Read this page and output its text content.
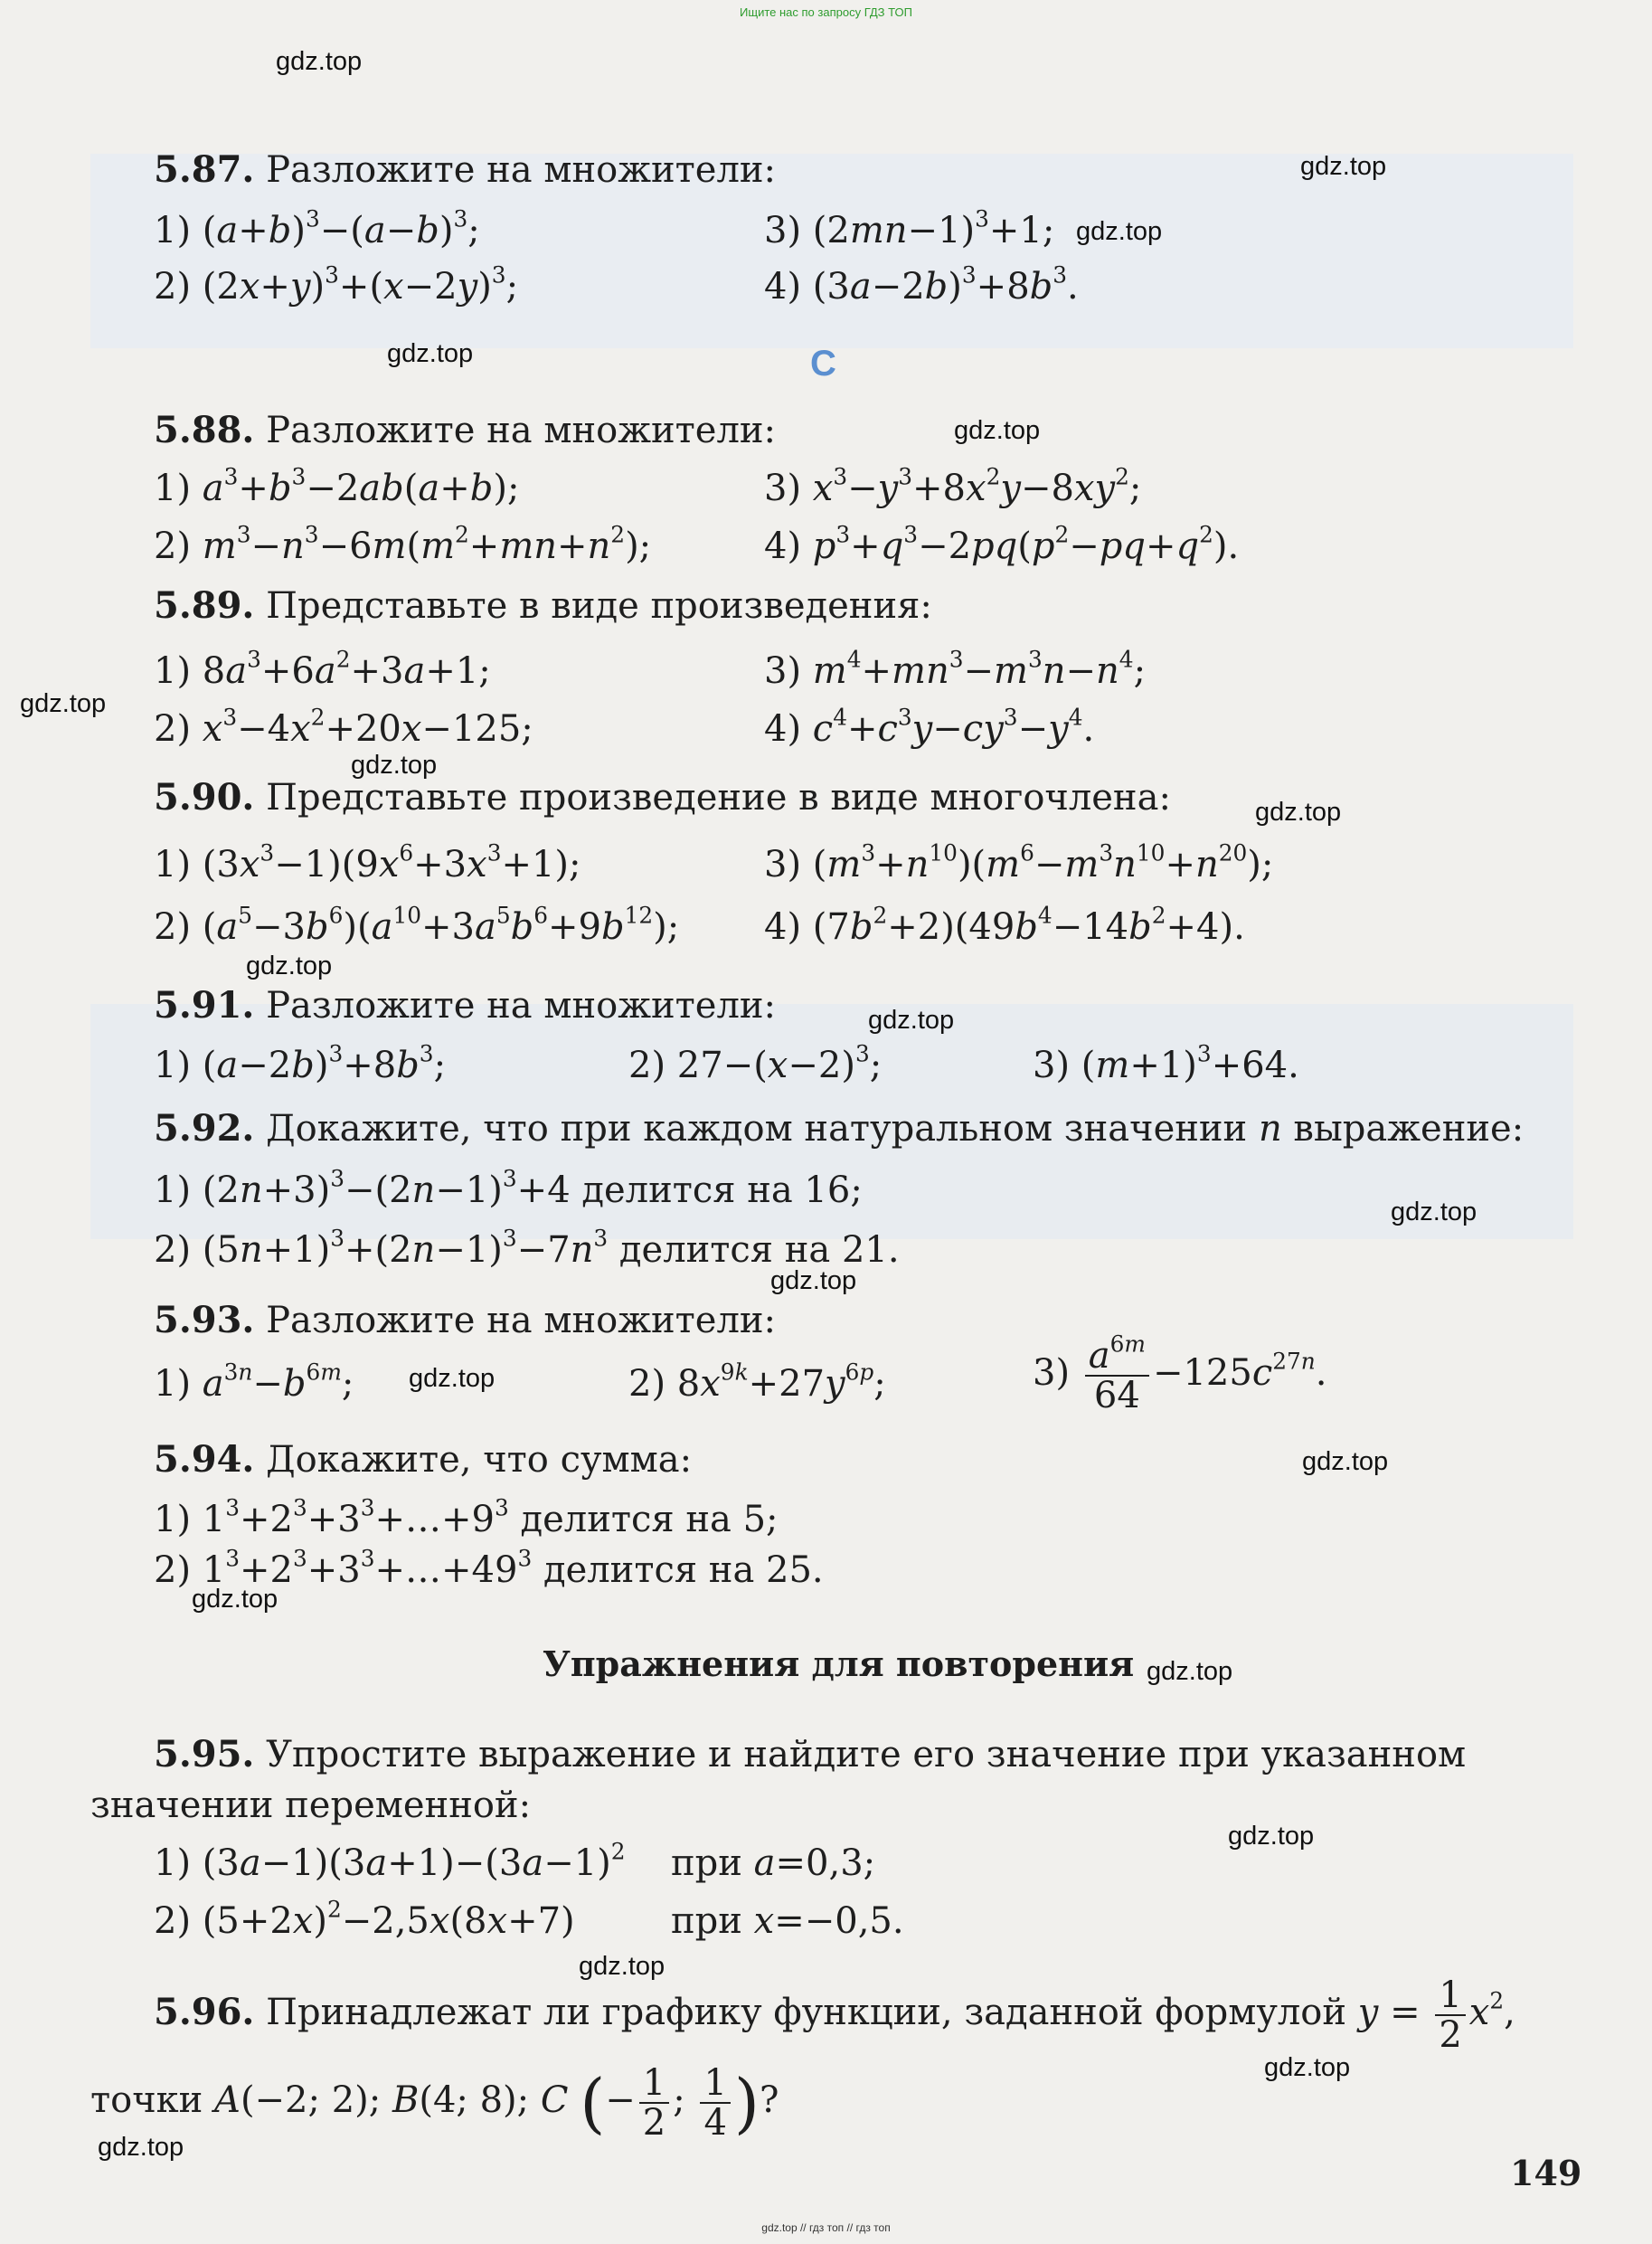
Ищите нас по запросу ГДЗ ТОП
gdz.top
gdz.top
gdz.top
gdz.top
gdz.top
gdz.top
gdz.top
gdz.top
gdz.top
gdz.top
gdz.top
gdz.top
gdz.top
gdz.top
gdz.top
gdz.top
gdz.top
gdz.top
gdz.top
gdz.top
C
5.87. Разложите на множители:
1) $(a+b)^3-(a-b)^3$;	3) $(2mn-1)^3+1$;
2) $(2x+y)^3+(x-2y)^3$;	4) $(3a-2b)^3+8b^3$.
5.88. Разложите на множители:
1) $a^3+b^3-2ab(a+b)$;	3) $x^3-y^3+8x^2y-8xy^2$;
2) $m^3-n^3-6m(m^2+mn+n^2)$;	4) $p^3+q^3-2pq(p^2-pq+q^2)$.
5.89. Представьте в виде произведения:
1) $8a^3+6a^2+3a+1$;	3) $m^4+mn^3-m^3n-n^4$;
2) $x^3-4x^2+20x-125$;	4) $c^4+c^3y-cy^3-y^4$.
5.90. Представьте произведение в виде многочлена:
1) $(3x^3-1)(9x^6+3x^3+1)$;	3) $(m^3+n^{10})(m^6-m^3n^{10}+n^{20})$;
2) $(a^5-3b^6)(a^{10}+3a^5b^6+9b^{12})$; 4) $(7b^2+2)(49b^4-14b^2+4)$.
5.91. Разложите на множители:
1) $(a-2b)^3+8b^3$;	2) $27-(x-2)^3$;	3) $(m+1)^3+64$.
5.92. Докажите, что при каждом натуральном значении n выражение:
1) $(2n+3)^3-(2n-1)^3+4$ делится на 16;
2) $(5n+1)^3+(2n-1)^3-7n^3$ делится на 21.
5.93. Разложите на множители:
1) $a^{3n}-b^{6m}$;	2) $8x^{9k}+27y^{6p}$;	$3) \frac{a^{6m}}{64} -125c^{27n}$.
5.94. Докажите, что сумма:
1) $1^3+2^3+3^3+\dots+9^3$ делится на 5;
2) $1^3+2^3+3^3+\dots+49^3$ делится на 25.
Упражнения для повторения
5.95. Упростите выражение и найдите его значение при указанном
значении переменной:
1) $(3a-1)(3a+1)-(3a-1)^2$ при a=0,3;
2) $(5+2x)^2-2,5x(8x+7)$	при x=−0,5.
5.96. Принадлежат ли графику функции, заданной формулой $y = \frac{1}{2} x^2$,
точки A(−2; 2); B(4; 8); C (− $\frac{1}{2}$ ; $\frac{1}{4}$ )?
149
gdz.top // гдз топ // гдз топ
